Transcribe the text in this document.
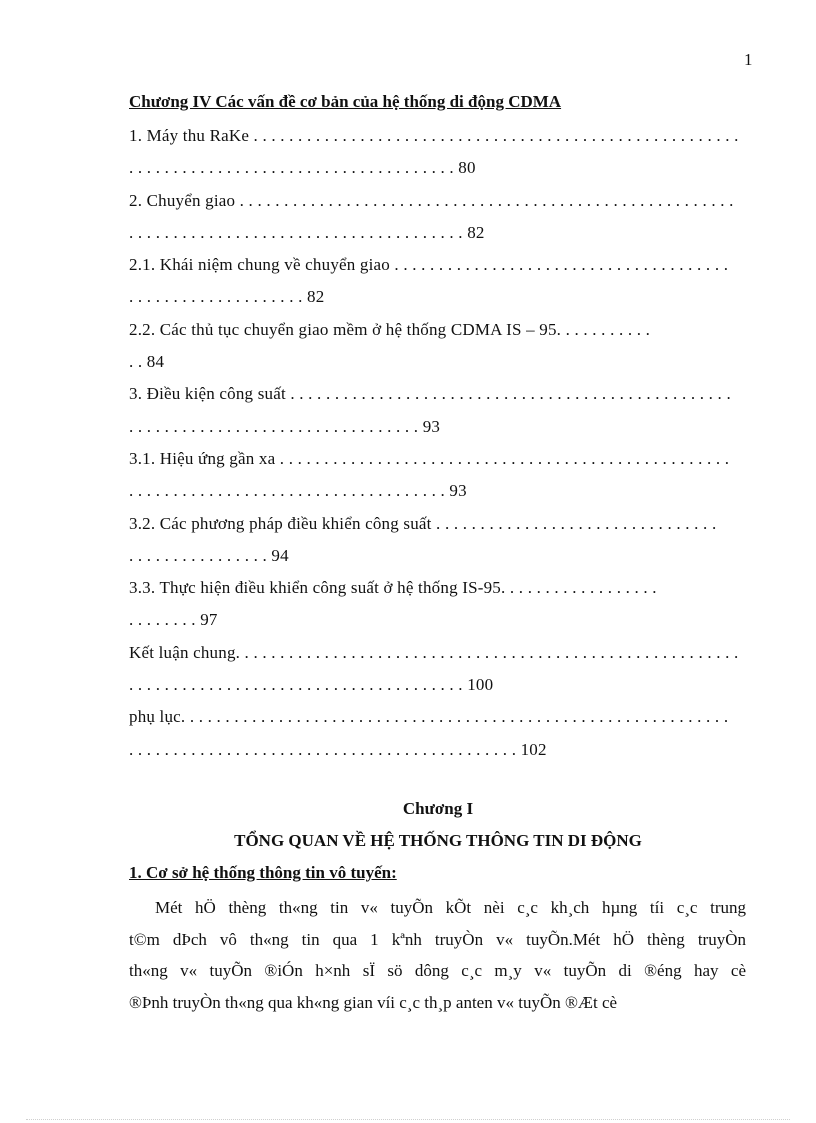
1
Chương IV Các vấn đề cơ bản của hệ thống di động CDMA
1. Máy thu RaKe . . . . . . . . . . . . . . . . . . . . . . . . . . . . . . . . . . . . . . . . . . . . . . . . . . . . . . .
. . . . . . . . . . . . . . . . . . . . . . . . . . . . . . . . . . . . . 80
2. Chuyển giao . . . . . . . . . . . . . . . . . . . . . . . . . . . . . . . . . . . . . . . . . . . . . . . . . . . . . . . .
. . . . . . . . . . . . . . . . . . . . . . . . . . . . . . . . . . . . . . 82
2.1. Khái niệm chung về chuyển giao . . . . . . . . . . . . . . . . . . . . . . . . . . . . . . . . . . . . . .
. . . . . . . . . . . . . . . . . . . . 82
2.2. Các thủ tục chuyển giao mềm ở hệ thống CDMA IS – 95. . . . . . . . . . .
. . 84
3. Điều kiện công suất . . . . . . . . . . . . . . . . . . . . . . . . . . . . . . . . . . . . . . . . . . . . . . . . . .
. . . . . . . . . . . . . . . . . . . . . . . . . . . . . . . . . 93
3.1. Hiệu ứng gần xa . . . . . . . . . . . . . . . . . . . . . . . . . . . . . . . . . . . . . . . . . . . . . . . . . . .
. . . . . . . . . . . . . . . . . . . . . . . . . . . . . . . . . . . . 93
3.2. Các phương pháp điều khiển công suất . . . . . . . . . . . . . . . . . . . . . . . . . . . . . . . .
. . . . . . . . . . . . . . . . 94
3.3. Thực hiện điều khiển công suất ở hệ thống IS-95. . . . . . . . . . . . . . . . . .
. . . . . . . . 97
Kết luận chung. . . . . . . . . . . . . . . . . . . . . . . . . . . . . . . . . . . . . . . . . . . . . . . . . . . . . . . . .
. . . . . . . . . . . . . . . . . . . . . . . . . . . . . . . . . . . . . . 100
phụ lục. . . . . . . . . . . . . . . . . . . . . . . . . . . . . . . . . . . . . . . . . . . . . . . . . . . . . . . . . . . . . .
. . . . . . . . . . . . . . . . . . . . . . . . . . . . . . . . . . . . . . . . . . . . 102
Chương I
TỔNG QUAN VỀ HỆ THỐNG THÔNG TIN DI ĐỘNG
1. Cơ sở hệ thống thông tin vô tuyến:
Mét hÖ thèng th«ng tin v« tuyÕn kÕt nèi c¸c kh¸ch hµng tíi c¸c trung
t©m dÞch vô th«ng tin qua 1 kªnh truyÒn v« tuyÕn.Mét hÖ thèng truyÒn
th«ng v« tuyÕn ®iÓn h×nh sÏ sö dông c¸c m¸y v« tuyÕn di ®éng hay cè
®Þnh truyÒn th«ng qua kh«ng gian víi c¸c th¸p anten v« tuyÕn ®Æt cè
